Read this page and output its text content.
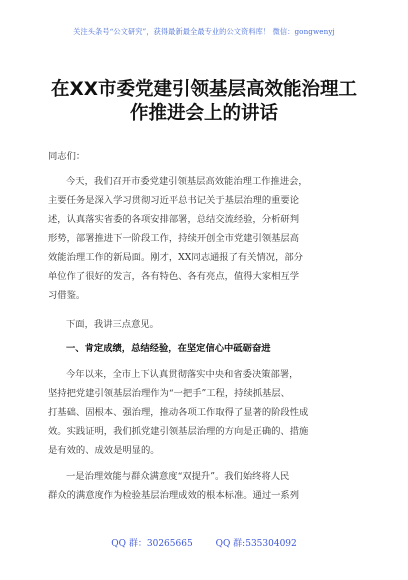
关注头条号“公文研究”，获得最新最全最专业的公文资料库！ 微信：gongwenyj
在XX市委党建引领基层高效能治理工
作推进会上的讲话
同志们：
今天，我们召开市委党建引领基层高效能治理工作推进会，
主要任务是深入学习贯彻习近平总书记关于基层治理的重要论
述，认真落实省委的各项安排部署，总结交流经验，分析研判
形势，部署推进下一阶段工作，持续开创全市党建引领基层高
效能治理工作的新局面。刚才，XX同志通报了有关情况，部分
单位作了很好的发言，各有特色、各有亮点，值得大家相互学
习借鉴。
下面，我讲三点意见。
一、肯定成绩，总结经验，在坚定信心中砥砺奋进
今年以来，全市上下认真贯彻落实中央和省委决策部署，
坚持把党建引领基层治理作为“一把手”工程，持续抓基层、
打基础、固根本、强治理，推动各项工作取得了显著的阶段性成
效。实践证明，我们抓党建引领基层治理的方向是正确的、措施
是有效的、成效是明显的。
一是治理效能与群众满意度“双提升”。我们始终将人民
群众的满意度作为检验基层治理成效的根本标准。通过一系列
QQ 群：30265665	QQ 群:535304092
